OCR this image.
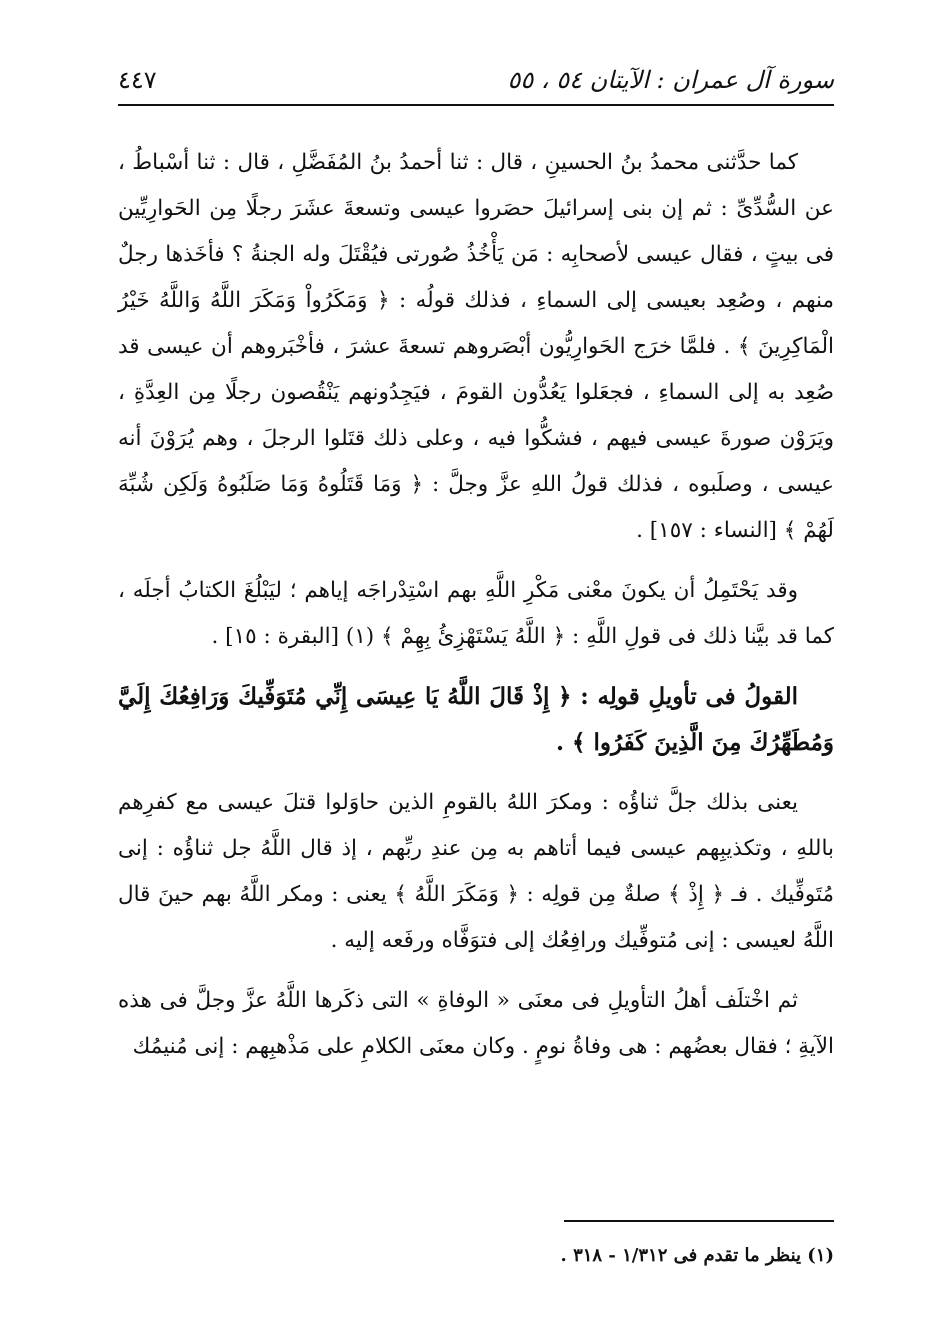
سورة آل عمران : الآيتان ٥٤ ، ٥٥
٤٤٧

كما حدَّثنى محمدُ بنُ الحسينِ ، قال : ثنا أحمدُ بنُ المُفَضَّلِ ، قال : ثنا أسْباطُ ، عن السُّدِّىِّ : ثم إن بنى إسرائيلَ حصَروا عيسى وتسعةَ عشَرَ رجلًا مِن الحَوارِيِّين فى بيتٍ ، فقال عيسى لأصحابِه : مَن يَأْخُذُ صُورتى فيُقْتَلَ وله الجنةُ ؟ فأخَذها رجلٌ منهم ، وصُعِد بعيسى إلى السماءِ ، فذلك قولُه : ﴿ وَمَكَرُواْ وَمَكَرَ اللَّهُ وَاللَّهُ خَيْرُ الْمَاكِرِينَ ﴾ . فلمَّا خرَج الحَوارِيُّون أبْصَروهم تسعةَ عشرَ ، فأخْبَروهم أن عيسى قد صُعِد به إلى السماءِ ، فجعَلوا يَعُدُّون القومَ ، فيَجِدُونهم يَنْقُصون رجلًا مِن العِدَّةِ ، ويَرَوْن صورةَ عيسى فيهم ، فشكُّوا فيه ، وعلى ذلك قتَلوا الرجلَ ، وهم يُرَوْنَ أنه عيسى ، وصلَبوه ، فذلك قولُ اللهِ عزَّ وجلَّ : ﴿ وَمَا قَتَلُوهُ وَمَا صَلَبُوهُ وَلَكِن شُبِّهَ لَهُمْ ﴾ [النساء : ١٥٧] .

وقد يَحْتَمِلُ أن يكونَ معْنى مَكْرِ اللَّهِ بهم اسْتِدْراجَه إياهم ؛ ليَبْلُغَ الكتابُ أجلَه ، كما قد بيَّنا ذلك فى قولِ اللَّهِ : ﴿ اللَّهُ يَسْتَهْزِئُ بِهِمْ ﴾ (١) [البقرة : ١٥] .

القولُ فى تأويلِ قولِه : ﴿ إِذْ قَالَ اللَّهُ يَا عِيسَى إِنِّي مُتَوَفِّيكَ وَرَافِعُكَ إِلَيَّ وَمُطَهِّرُكَ مِنَ الَّذِينَ كَفَرُوا ﴾ .

يعنى بذلك جلَّ ثناؤُه : ومكرَ اللهُ بالقومِ الذين حاوَلوا قتلَ عيسى مع كفرِهم باللهِ ، وتكذيبِهم عيسى فيما أتاهم به مِن عندِ ربِّهم ، إذ قال اللَّهُ جل ثناؤُه : إنى مُتَوفِّيك . فـ ﴿ إِذْ ﴾ صلةٌ مِن قولِه : ﴿ وَمَكَرَ اللَّهُ ﴾ يعنى : ومكر اللَّهُ بهم حينَ قال اللَّهُ لعيسى : إنى مُتوفِّيك ورافِعُك إلى فتوَفَّاه ورفَعه إليه .

ثم اخْتلَف أهلُ التأويلِ فى معنَى « الوفاةِ » التى ذكَرها اللَّهُ عزَّ وجلَّ فى هذه الآيةِ ؛ فقال بعضُهم : هى وفاةُ نومٍ . وكان معنَى الكلامِ على مَذْهبِهم : إنى مُنيمُك

(١) ينظر ما تقدم فى ١/٣١٢ - ٣١٨ .
